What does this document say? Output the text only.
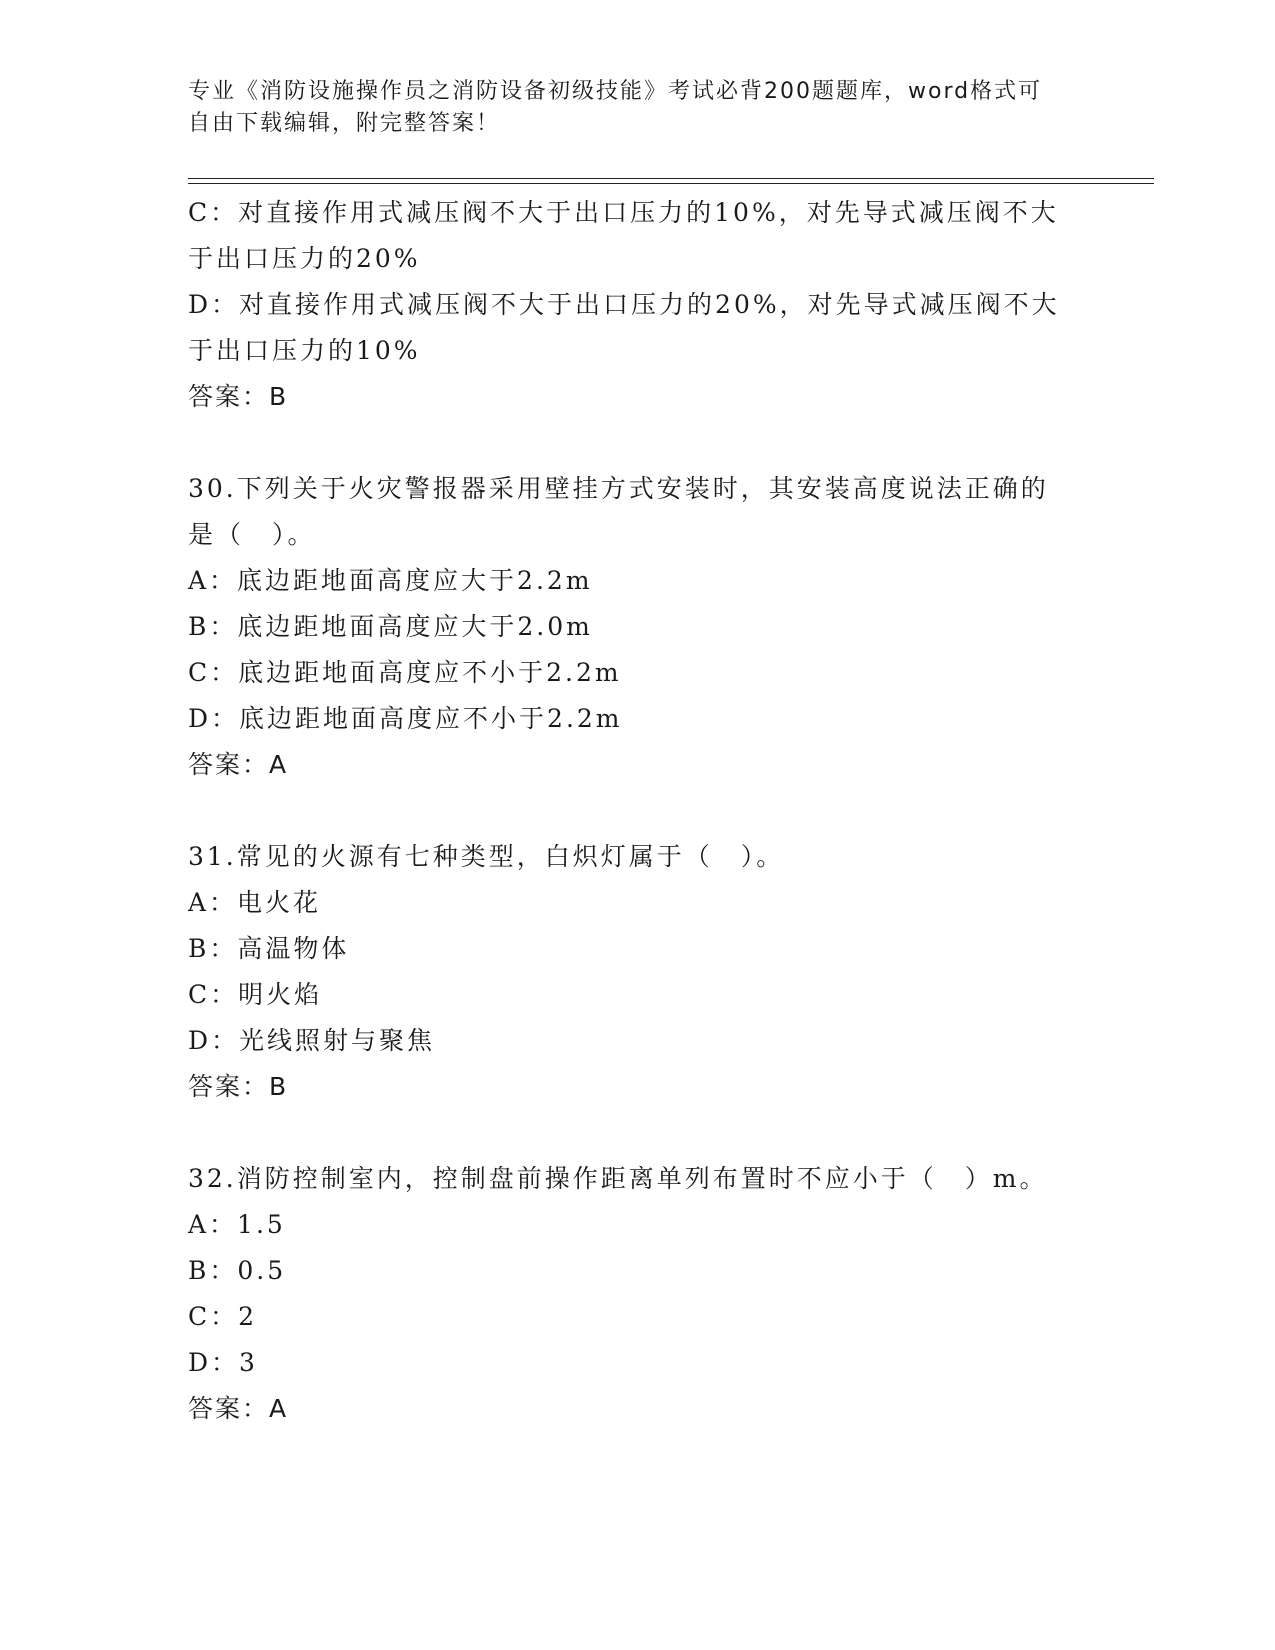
专业《消防设施操作员之消防设备初级技能》考试必背200题题库，word格式可
自由下载编辑，附完整答案！
C：对直接作用式减压阀不大于出口压力的10%，对先导式减压阀不大
于出口压力的20%
D：对直接作用式减压阀不大于出口压力的20%，对先导式减压阀不大
于出口压力的10%
答案：B
30.下列关于火灾警报器采用壁挂方式安装时，其安装高度说法正确的
是（　）。
A：底边距地面高度应大于2.2m
B：底边距地面高度应大于2.0m
C：底边距地面高度应不小于2.2m
D：底边距地面高度应不小于2.2m
答案：A
31.常见的火源有七种类型，白炽灯属于（　）。
A：电火花
B：高温物体
C：明火焰
D：光线照射与聚焦
答案：B
32.消防控制室内，控制盘前操作距离单列布置时不应小于（　）m。
A：1.5
B：0.5
C：2
D：3
答案：A
